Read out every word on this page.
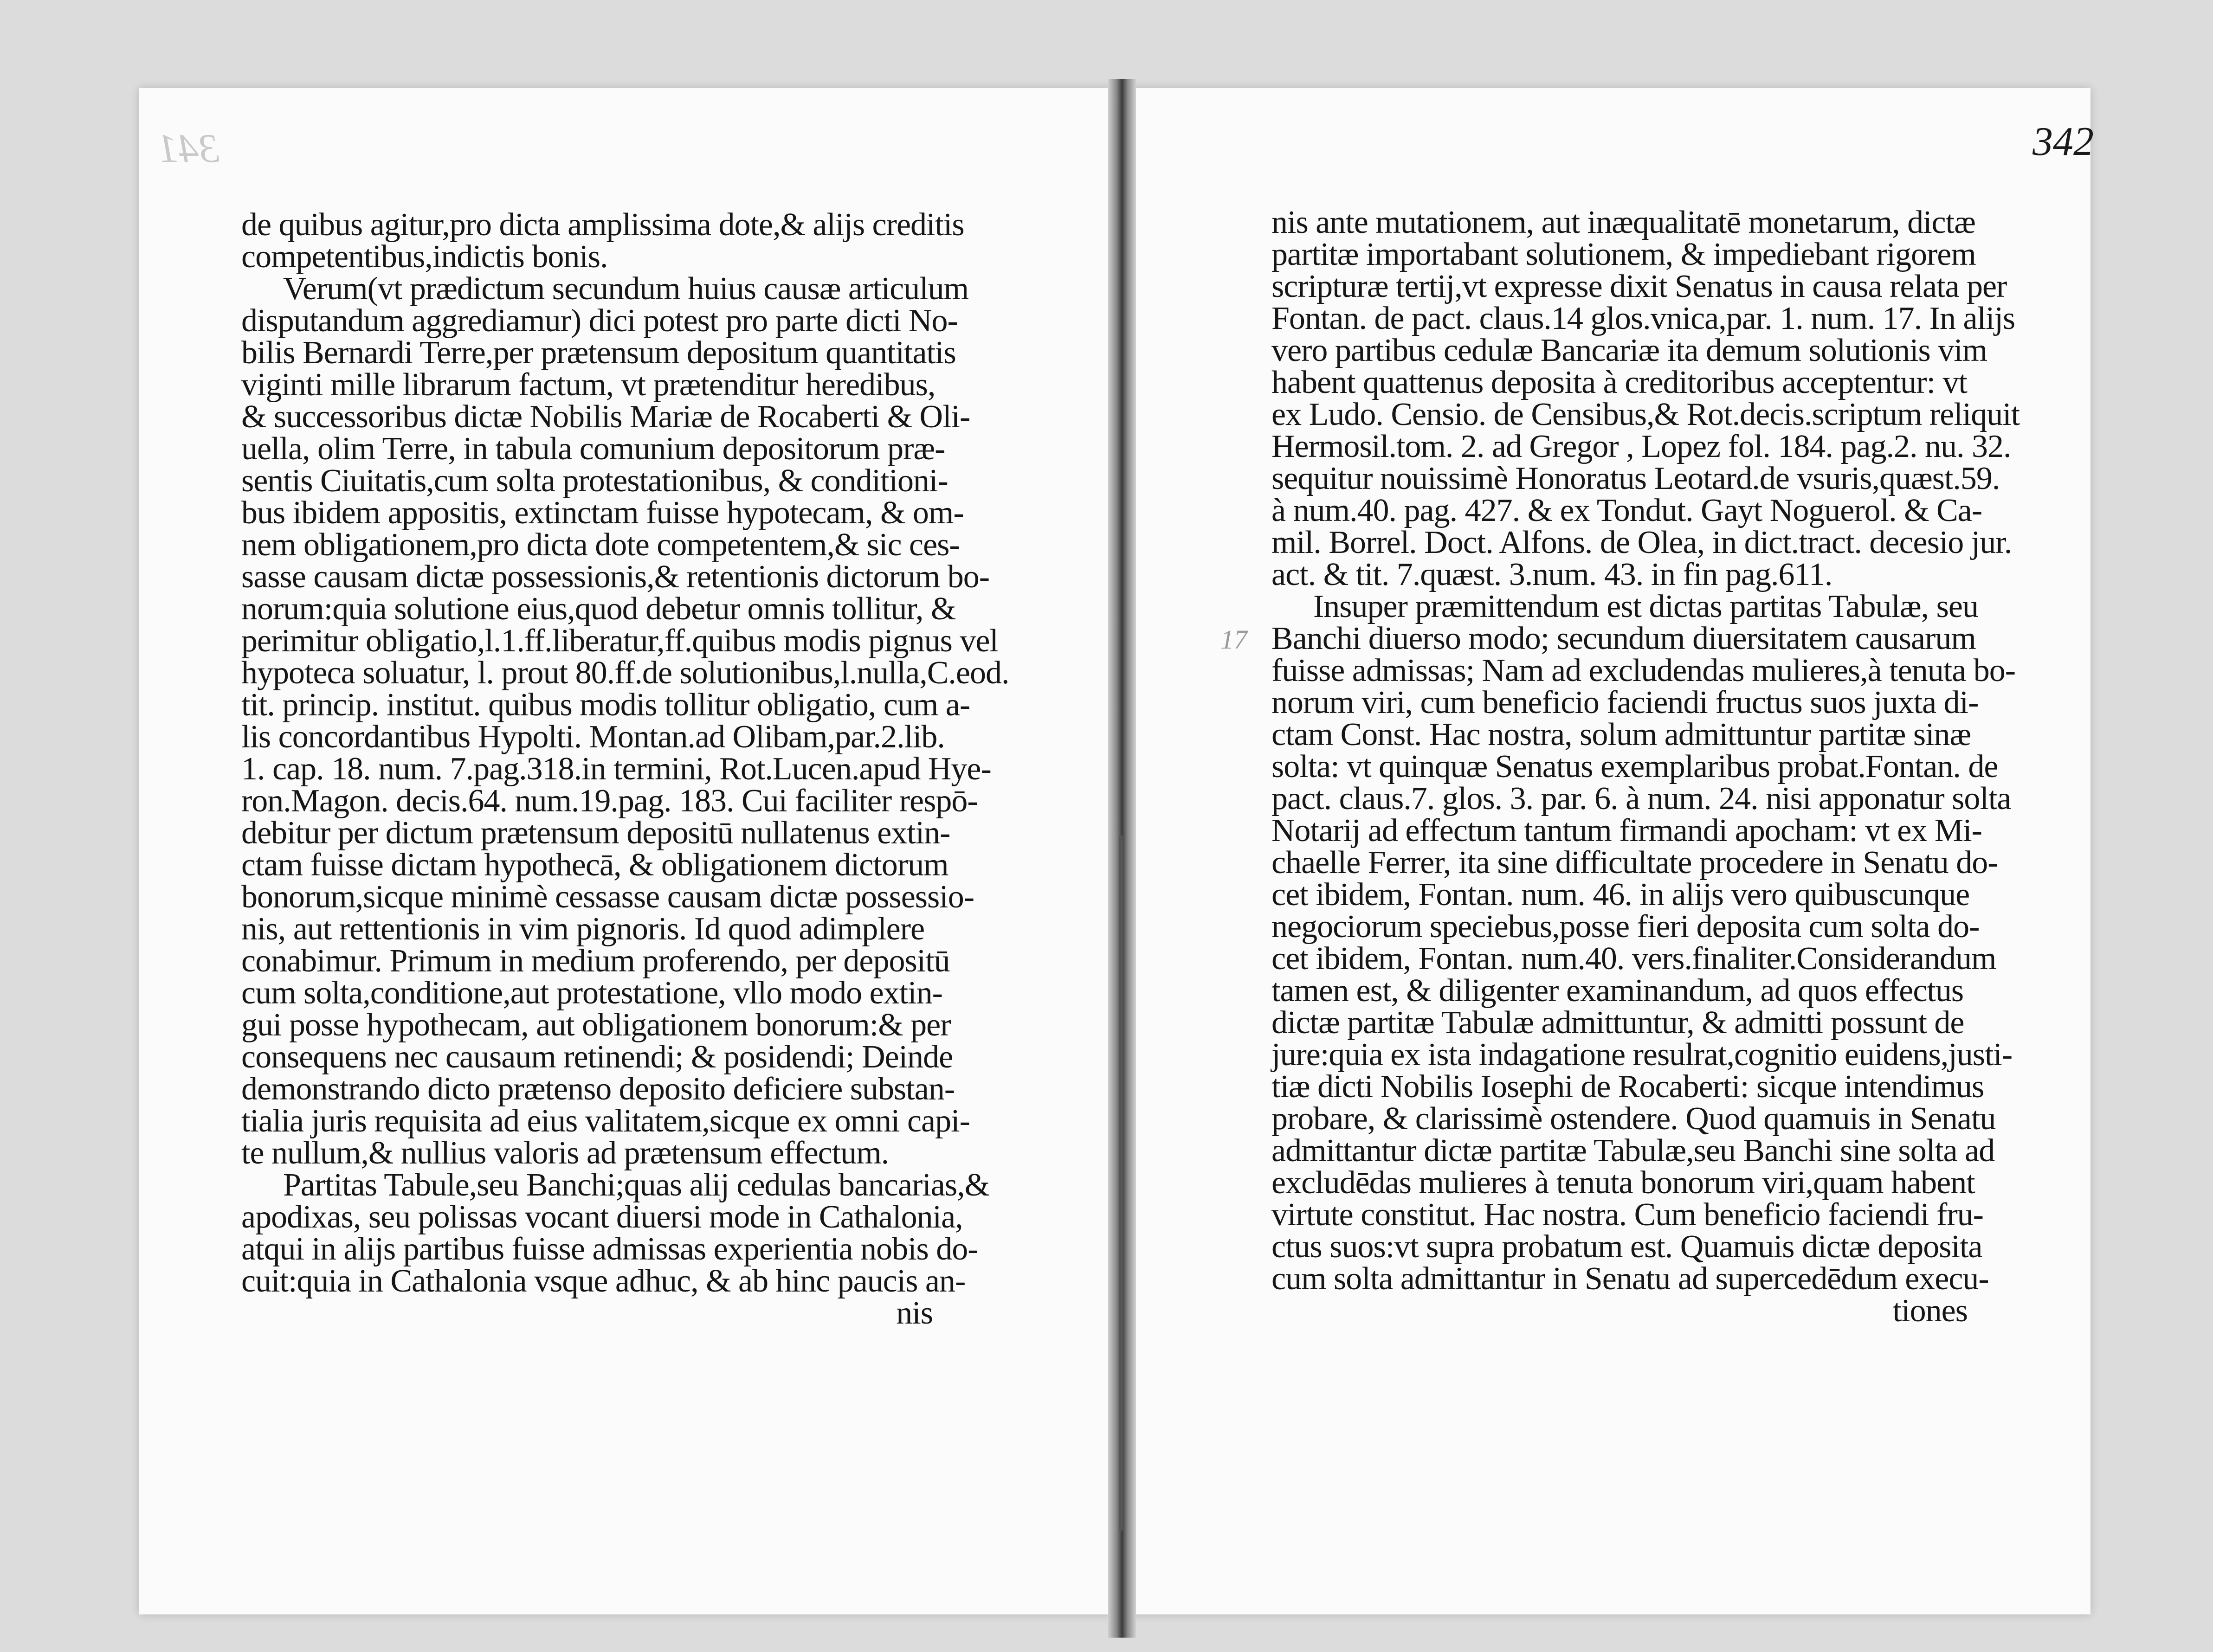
341	342
17
de quibus agitur,pro dicta amplissima dote,& alijs creditis
competentibus,indictis bonis.
Verum(vt prædictum secundum huius causæ articulum
disputandum aggrediamur) dici potest pro parte dicti No-
bilis Bernardi Terre,per prætensum depositum quantitatis
viginti mille librarum factum, vt prætenditur heredibus,
& successoribus dictæ Nobilis Mariæ de Rocaberti & Oli-
uella, olim Terre, in tabula comunium depositorum præ-
sentis Ciuitatis,cum solta protestationibus, & conditioni-
bus ibidem appositis, extinctam fuisse hypotecam, & om-
nem obligationem,pro dicta dote competentem,& sic ces-
sasse causam dictæ possessionis,& retentionis dictorum bo-
norum:quia solutione eius,quod debetur omnis tollitur, &
perimitur obligatio,l.1.ff.liberatur,ff.quibus modis pignus vel
hypoteca soluatur, l. prout 80.ff.de solutionibus,l.nulla,C.eod.
tit. princip. institut. quibus modis tollitur obligatio, cum a-
lis concordantibus Hypolti. Montan.ad Olibam,par.2.lib.
1. cap. 18. num. 7.pag.318.in termini, Rot.Lucen.apud Hye-
ron.Magon. decis.64. num.19.pag. 183. Cui faciliter respō-
debitur per dictum prætensum depositū nullatenus extin-
ctam fuisse dictam hypothecā, & obligationem dictorum
bonorum,sicque minimè cessasse causam dictæ possessio-
nis, aut rettentionis in vim pignoris. Id quod adimplere
conabimur. Primum in medium proferendo, per depositū
cum solta,conditione,aut protestatione, vllo modo extin-
gui posse hypothecam, aut obligationem bonorum:& per
consequens nec causaum retinendi; & posidendi; Deinde
demonstrando dicto prætenso deposito deficiere substan-
tialia juris requisita ad eius valitatem,sicque ex omni capi-
te nullum,& nullius valoris ad prætensum effectum.
Partitas Tabule,seu Banchi;quas alij cedulas bancarias,&
apodixas, seu polissas vocant diuersi mode in Cathalonia,
atqui in alijs partibus fuisse admissas experientia nobis do-
cuit:quia in Cathalonia vsque adhuc, & ab hinc paucis an-
nis
nis ante mutationem, aut inæqualitatē monetarum, dictæ
partitæ importabant solutionem, & impediebant rigorem
scripturæ tertij,vt expresse dixit Senatus in causa relata per
Fontan. de pact. claus.14 glos.vnica,par. 1. num. 17. In alijs
vero partibus cedulæ Bancariæ ita demum solutionis vim
habent quattenus deposita à creditoribus acceptentur: vt
ex Ludo. Censio. de Censibus,& Rot.decis.scriptum reliquit
Hermosil.tom. 2. ad Gregor , Lopez fol. 184. pag.2. nu. 32.
sequitur nouissimè Honoratus Leotard.de vsuris,quæst.59.
à num.40. pag. 427. & ex Tondut. Gayt Noguerol. & Ca-
mil. Borrel. Doct. Alfons. de Olea, in dict.tract. decesio jur.
act. & tit. 7.quæst. 3.num. 43. in fin pag.611.
Insuper præmittendum est dictas partitas Tabulæ, seu
Banchi diuerso modo; secundum diuersitatem causarum
fuisse admissas; Nam ad excludendas mulieres,à tenuta bo-
norum viri, cum beneficio faciendi fructus suos juxta di-
ctam Const. Hac nostra, solum admittuntur partitæ sinæ
solta: vt quinquæ Senatus exemplaribus probat.Fontan. de
pact. claus.7. glos. 3. par. 6. à num. 24. nisi apponatur solta
Notarij ad effectum tantum firmandi apocham: vt ex Mi-
chaelle Ferrer, ita sine difficultate procedere in Senatu do-
cet ibidem, Fontan. num. 46. in alijs vero quibuscunque
negociorum speciebus,posse fieri deposita cum solta do-
cet ibidem, Fontan. num.40. vers.finaliter.Considerandum
tamen est, & diligenter examinandum, ad quos effectus
dictæ partitæ Tabulæ admittuntur, & admitti possunt de
jure:quia ex ista indagatione resulrat,cognitio euidens,justi-
tiæ dicti Nobilis Iosephi de Rocaberti: sicque intendimus
probare, & clarissimè ostendere. Quod quamuis in Senatu
admittantur dictæ partitæ Tabulæ,seu Banchi sine solta ad
excludēdas mulieres à tenuta bonorum viri,quam habent
virtute constitut. Hac nostra. Cum beneficio faciendi fru-
ctus suos:vt supra probatum est. Quamuis dictæ deposita
cum solta admittantur in Senatu ad supercedēdum execu-
tiones
